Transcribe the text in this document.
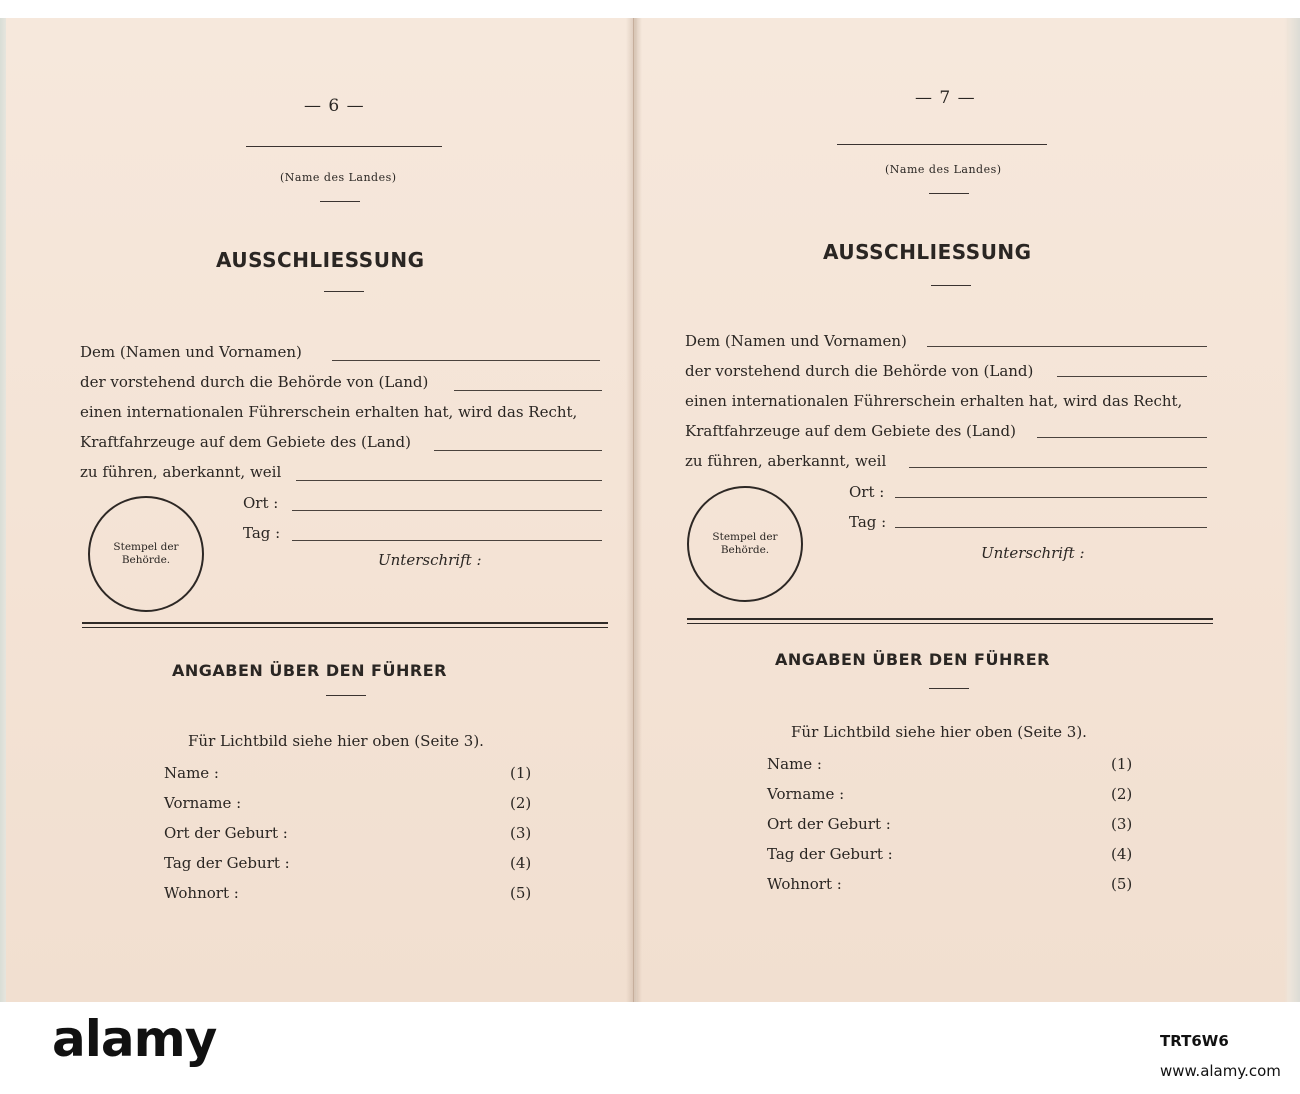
— 6 —
(Name des Landes)
AUSSCHLIESSUNG
Dem (Namen und Vornamen)
der vorstehend durch die Behörde von (Land)
einen internationalen Führerschein erhalten hat, wird das Recht,
Kraftfahrzeuge auf dem Gebiete des (Land)
zu führen, aberkannt, weil
Ort :
Tag :
Stempel der Behörde.	Unterschrift :
ANGABEN ÜBER DEN FÜHRER
Für Lichtbild siehe hier oben (Seite 3).
Name :	(1)
Vorname :	(2)
Ort der Geburt :	(3)
Tag der Geburt :	(4)
Wohnort :	(5)
— 7 —
(Name des Landes)
AUSSCHLIESSUNG
Dem (Namen und Vornamen)
der vorstehend durch die Behörde von (Land)
einen internationalen Führerschein erhalten hat, wird das Recht,
Kraftfahrzeuge auf dem Gebiete des (Land)
zu führen, aberkannt, weil
Ort :
Tag :
Stempel der Behörde.	Unterschrift :
ANGABEN ÜBER DEN FÜHRER
Für Lichtbild siehe hier oben (Seite 3).
Name :	(1)
Vorname :	(2)
Ort der Geburt :	(3)
Tag der Geburt :	(4)
Wohnort :	(5)
alamy	TRT6W6
www.alamy.com
